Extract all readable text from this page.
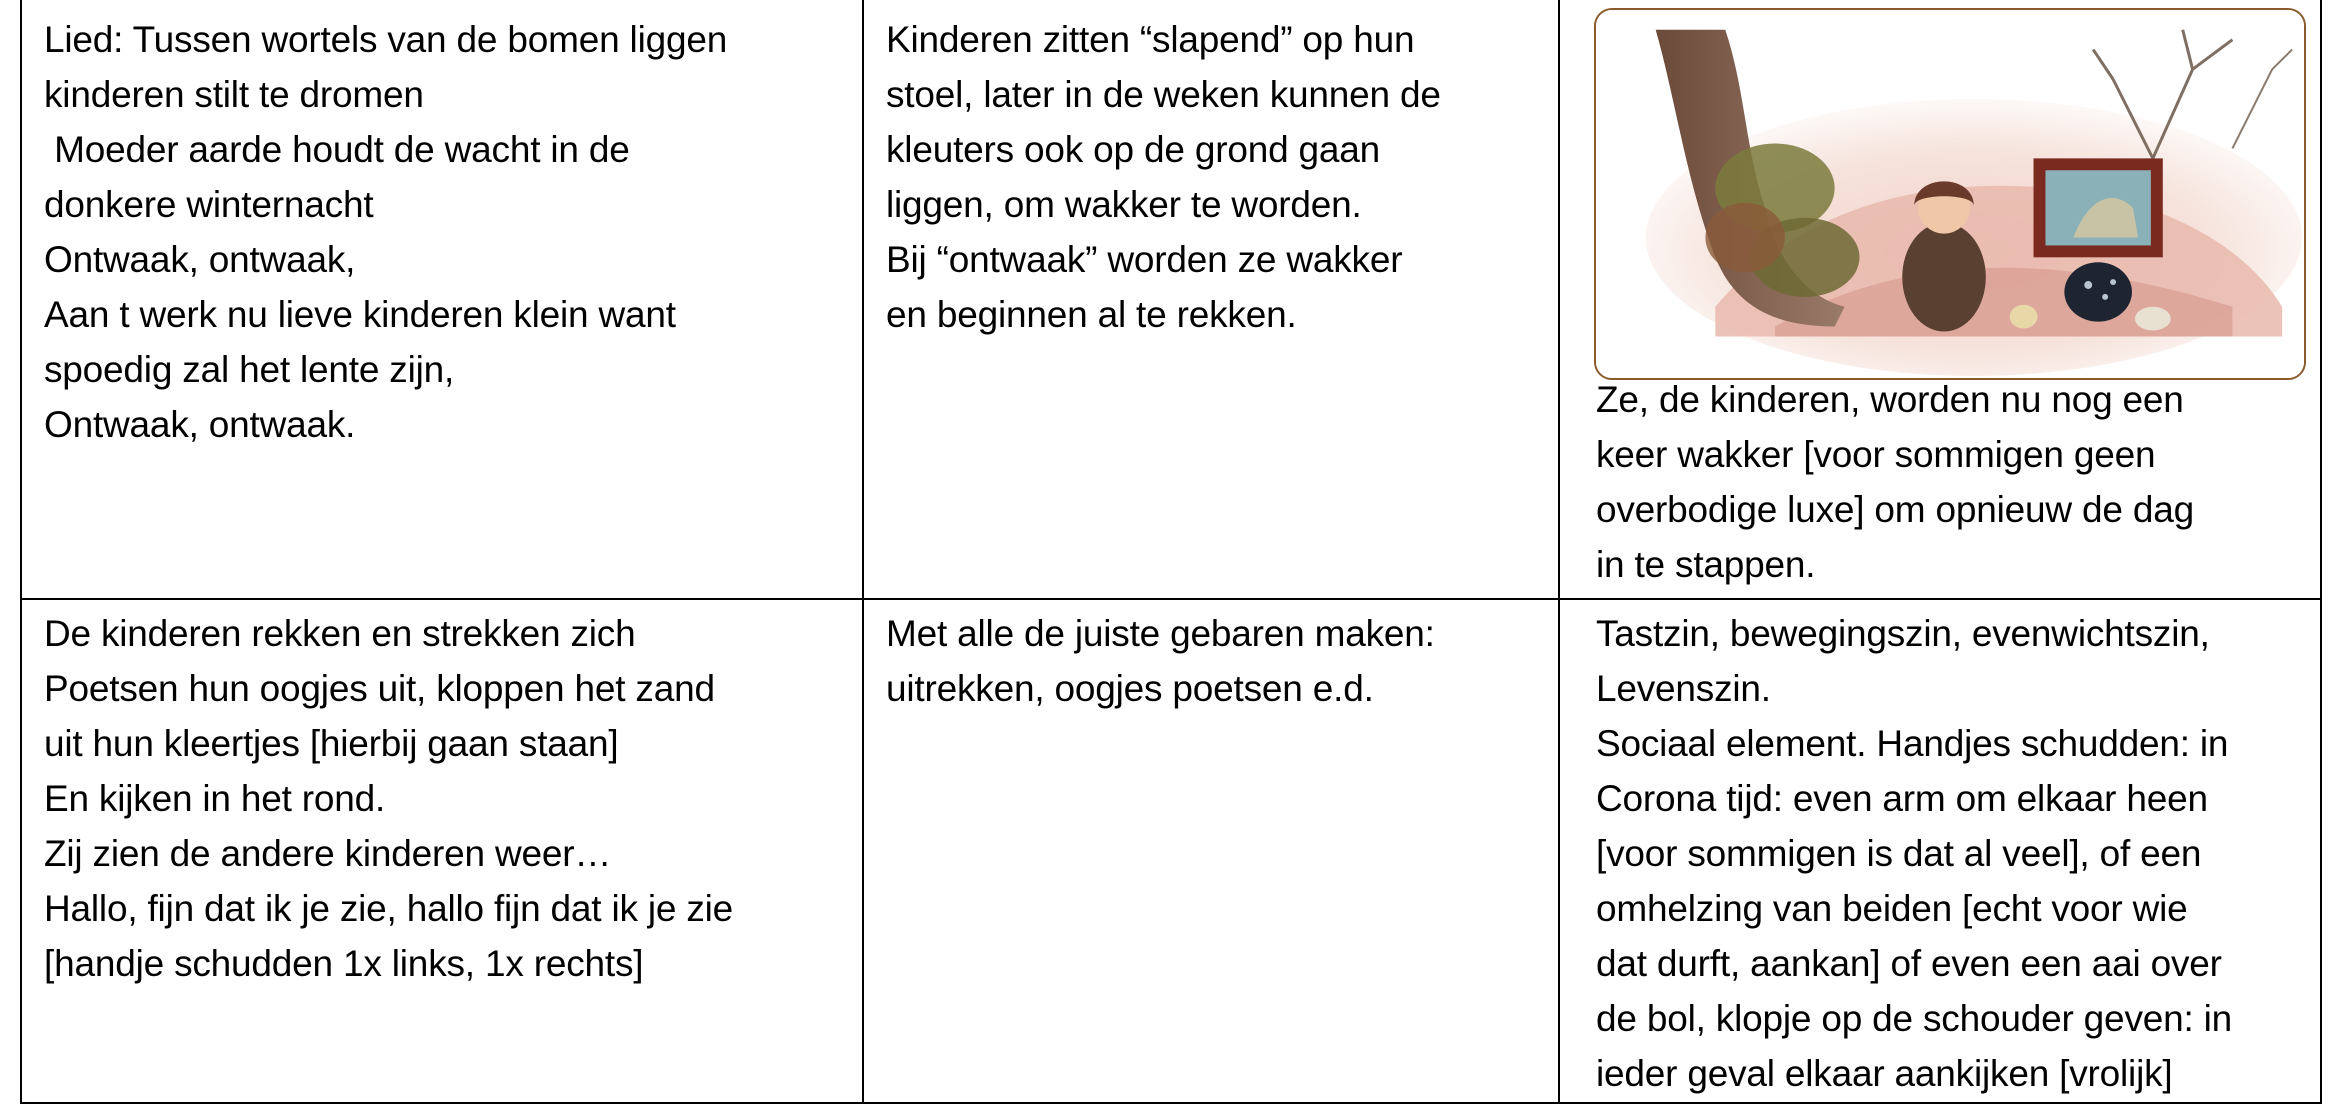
Lied: Tussen wortels van de bomen liggen
kinderen stilt te dromen
Moeder aarde houdt de wacht in de
donkere winternacht
Ontwaak, ontwaak,
Aan t werk nu lieve kinderen klein want
spoedig zal het lente zijn,
Ontwaak, ontwaak.
Kinderen zitten “slapend” op hun
stoel, later in de weken kunnen de
kleuters ook op de grond gaan
liggen, om wakker te worden.
Bij “ontwaak” worden ze wakker
en beginnen al te rekken.
Ze, de kinderen, worden nu nog een
keer wakker [voor sommigen geen
overbodige luxe] om opnieuw de dag
in te stappen.
De kinderen rekken en strekken zich
Poetsen hun oogjes uit, kloppen het zand
uit hun kleertjes [hierbij gaan staan]
En kijken in het rond.
Zij zien de andere kinderen weer…
Hallo, fijn dat ik je zie, hallo fijn dat ik je zie
[handje schudden 1x links, 1x rechts]
Met alle de juiste gebaren maken:
uitrekken, oogjes poetsen e.d.
Tastzin, bewegingszin, evenwichtszin,
Levenszin.
Sociaal element. Handjes schudden: in
Corona tijd: even arm om elkaar heen
[voor sommigen is dat al veel], of een
omhelzing van beiden [echt voor wie
dat durft, aankan] of even een aai over
de bol, klopje op de schouder geven: in
ieder geval elkaar aankijken [vrolijk]
